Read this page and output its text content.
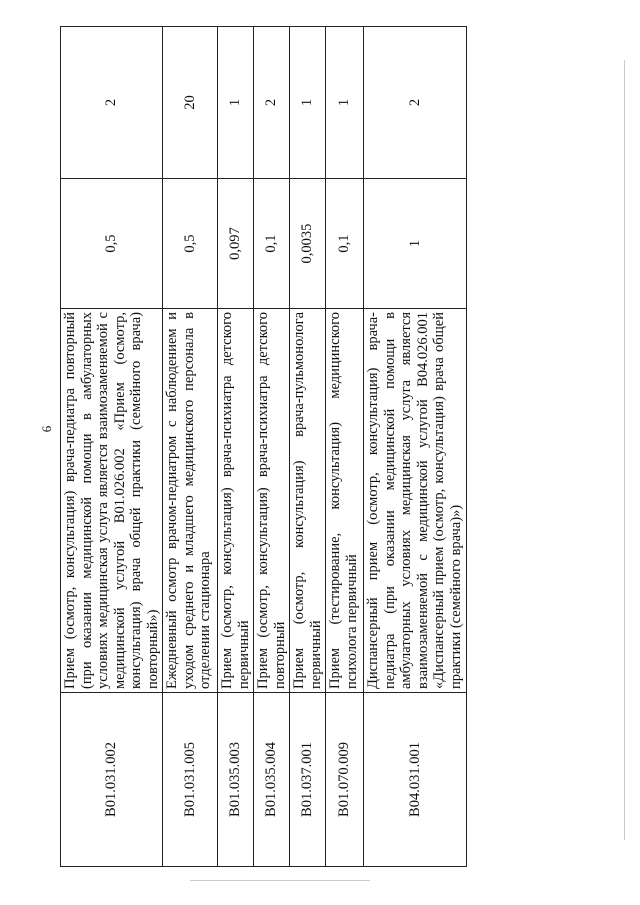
6
B01.031.002	Прием (осмотр, консультация) врача-педиатра повторный (при оказании медицинской помощи в амбулаторных условиях медицинская услуга является взаимозаменяемой с медицинской услугой B01.026.002 «Прием (осмотр, консультация) врача общей практики (семейного врача) повторный»)	0,5	2
B01.031.005	Ежедневный осмотр врачом-педиатром с наблюдением и уходом среднего и младшего медицинского персонала в отделении стационара	0,5	20
B01.035.003	Прием (осмотр, консультация) врача-психиатра детского первичный	0,097	1
B01.035.004	Прием (осмотр, консультация) врача-психиатра детского повторный	0,1	2
B01.037.001	Прием (осмотр, консультация) врача-пульмонолога первичный	0,0035	1
B01.070.009	Прием (тестирование, консультация) медицинского психолога первичный	0,1	1
B04.031.001	Диспансерный прием (осмотр, консультация) врача-педиатра (при оказании медицинской помощи в амбулаторных условиях медицинская услуга является взаимозаменяемой с медицинской услугой B04.026.001 «Диспансерный прием (осмотр, консультация) врача общей практики (семейного врача)»)	1	2
